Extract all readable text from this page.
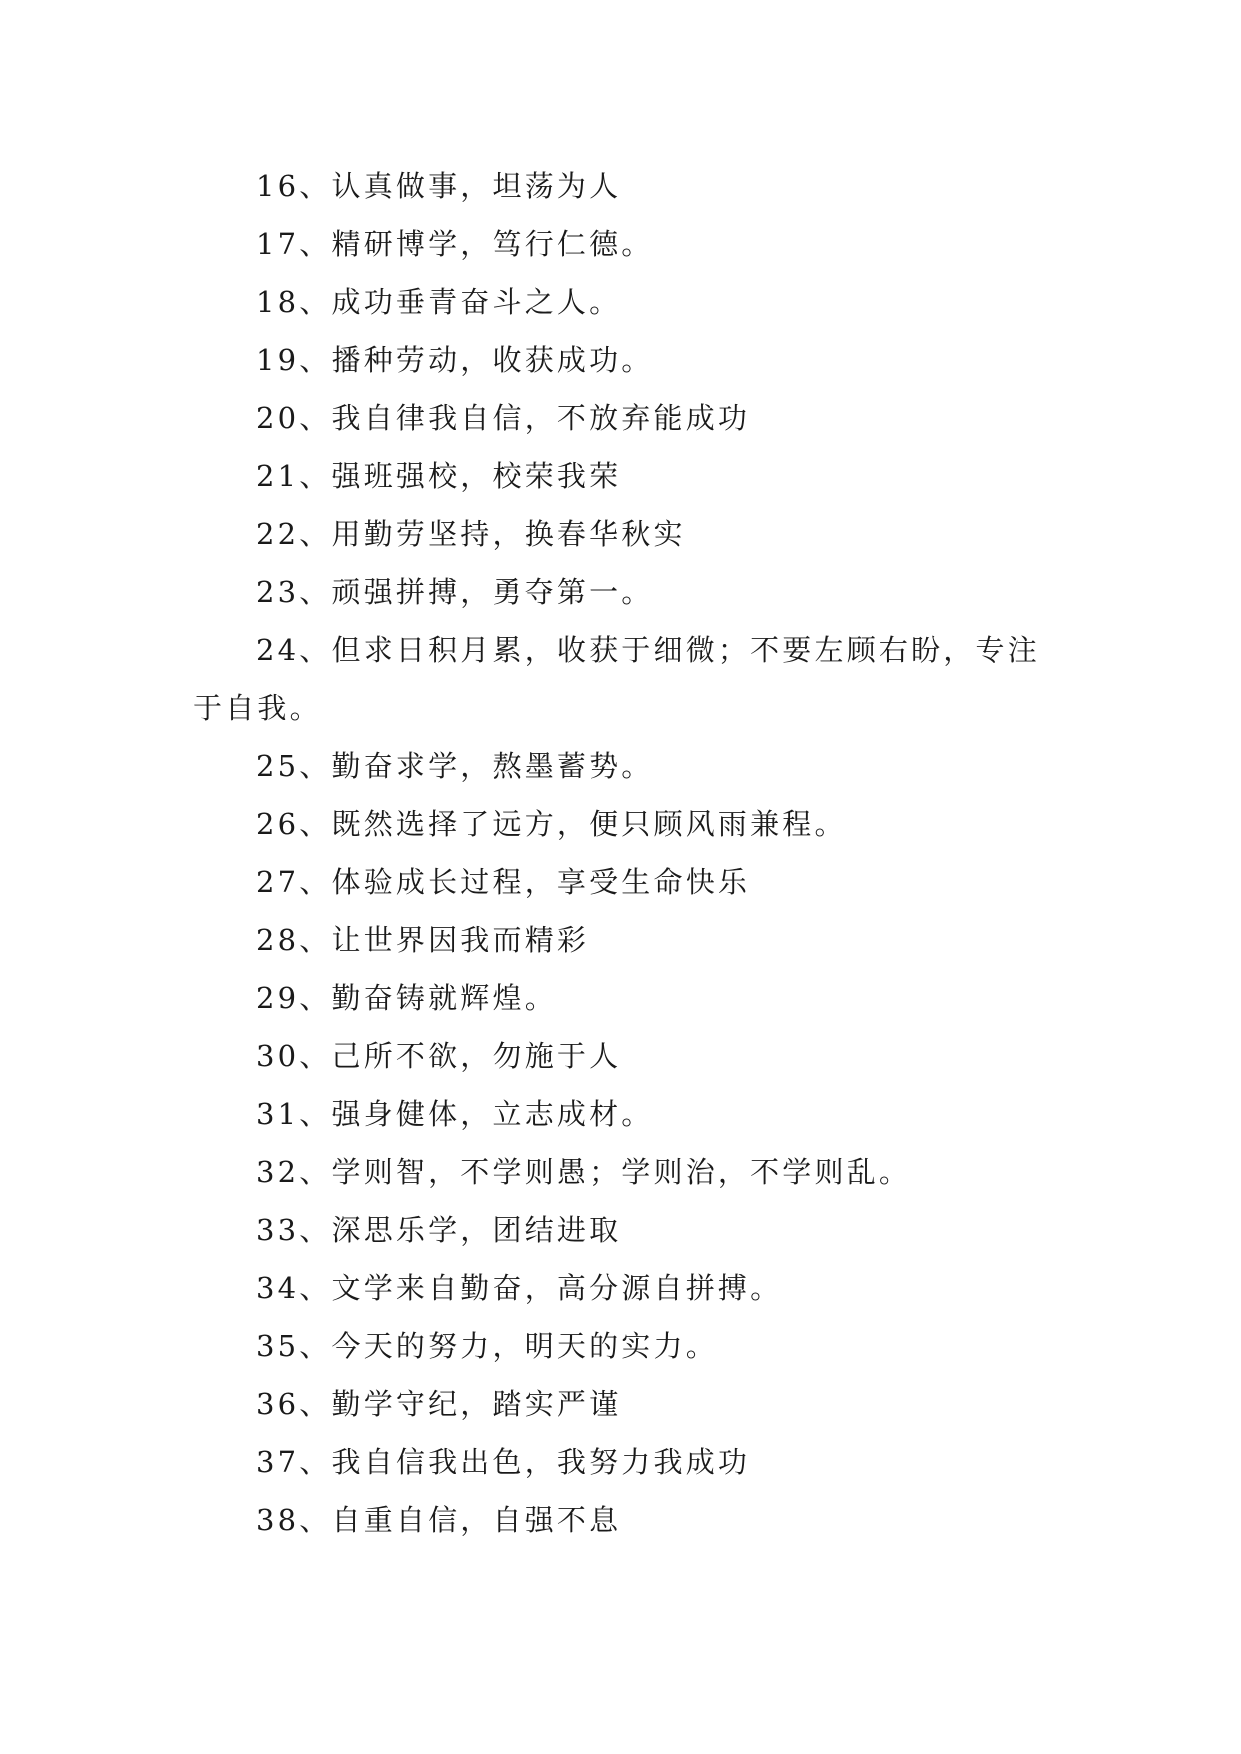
16、认真做事，坦荡为人

17、精研博学，笃行仁德。

18、成功垂青奋斗之人。

19、播种劳动，收获成功。

20、我自律我自信，不放弃能成功

21、强班强校，校荣我荣

22、用勤劳坚持，换春华秋实

23、顽强拼搏，勇夺第一。

24、但求日积月累，收获于细微；不要左顾右盼，专注于自我。

25、勤奋求学，熬墨蓄势。

26、既然选择了远方，便只顾风雨兼程。

27、体验成长过程，享受生命快乐

28、让世界因我而精彩

29、勤奋铸就辉煌。

30、己所不欲，勿施于人

31、强身健体，立志成材。

32、学则智，不学则愚；学则治，不学则乱。

33、深思乐学，团结进取

34、文学来自勤奋，高分源自拼搏。

35、今天的努力，明天的实力。

36、勤学守纪，踏实严谨

37、我自信我出色，我努力我成功

38、自重自信，自强不息
